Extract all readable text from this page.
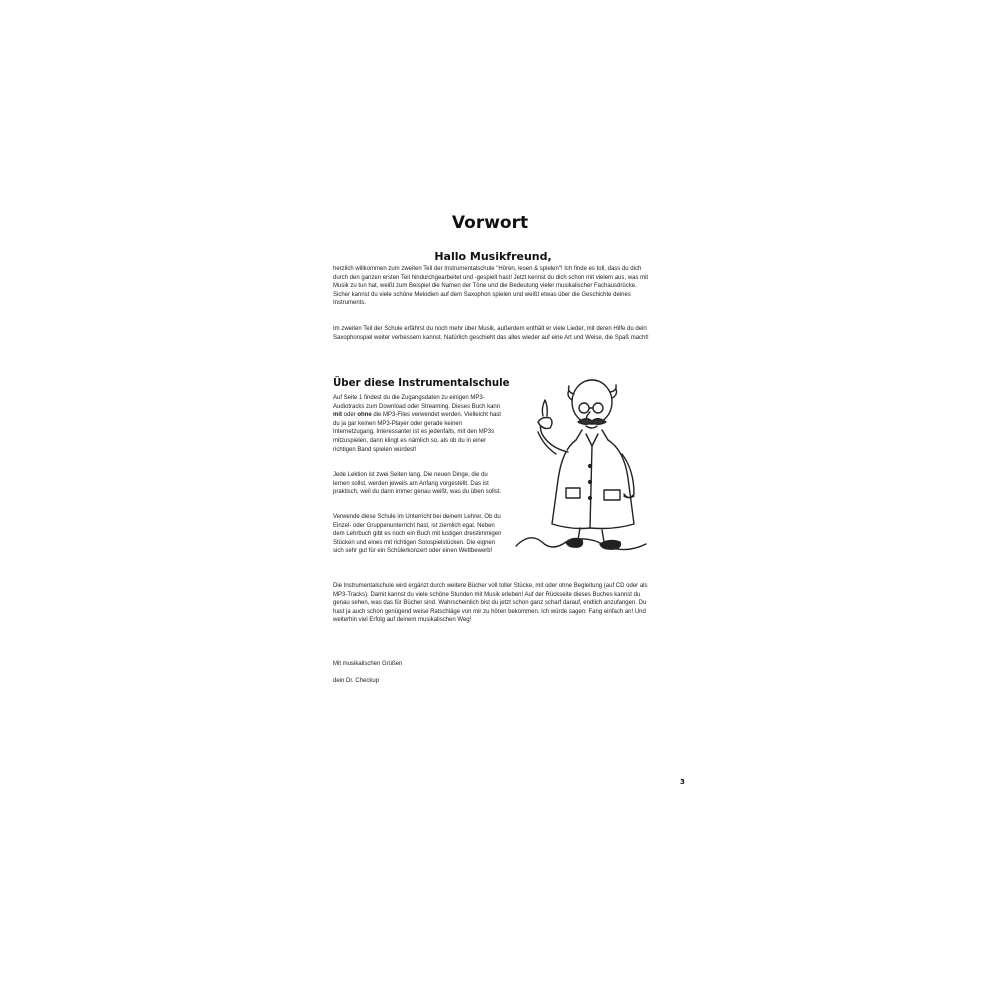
Vorwort
Hallo Musikfreund,
herzlich willkommen zum zweiten Teil der Instrumentalschule "Hören, lesen & spielen"! Ich finde es toll, dass du dich durch den ganzen ersten Teil hindurchgearbeitet und -gespielt hast! Jetzt kennst du dich schon mit vielem aus, was mit Musik zu tun hat, weißt zum Beispiel die Namen der Töne und die Bedeutung vieler musikalischer Fachausdrücke. Sicher kannst du viele schöne Melodien auf dem Saxophon spielen und weißt etwas über die Geschichte deines Instruments.
Im zweiten Teil der Schule erfährst du noch mehr über Musik, außerdem enthält er viele Lieder, mit deren Hilfe du dein Saxophonspiel weiter verbessern kannst. Natürlich geschieht das alles wieder auf eine Art und Weise, die Spaß macht!
Über diese Instrumentalschule
Auf Seite 1 findest du die Zugangsdaten zu einigen MP3-Audiotracks zum Download oder Streaming. Dieses Buch kann mit oder ohne die MP3-Files verwendet werden. Vielleicht hast du ja gar keinen MP3-Player oder gerade keinen Internetzugang. Interessanter ist es jedenfalls, mit den MP3s mitzuspielen, dann klingt es nämlich so, als ob du in einer richtigen Band spielen würdest!
Jede Lektion ist zwei Seiten lang. Die neuen Dinge, die du lernen sollst, werden jeweils am Anfang vorgestellt. Das ist praktisch, weil du dann immer genau weißt, was du üben sollst.
Verwende diese Schule im Unterricht bei deinem Lehrer. Ob du Einzel- oder Gruppenunterricht hast, ist ziemlich egal. Neben dem Lehrbuch gibt es noch ein Buch mit lustigen dreistimmigen Stücken und eines mit richtigen Solospielstücken. Die eignen sich sehr gut für ein Schülerkonzert oder einen Wettbewerb!
Die Instrumentalschule wird ergänzt durch weitere Bücher voll toller Stücke, mit oder ohne Begleitung (auf CD oder als MP3-Tracks). Damit kannst du viele schöne Stunden mit Musik erleben! Auf der Rückseite dieses Buches kannst du genau sehen, was das für Bücher sind. Wahrscheinlich bist du jetzt schon ganz scharf darauf, endlich anzufangen. Du hast ja auch schon genügend weise Ratschläge von mir zu hören bekommen. Ich würde sagen: Fang einfach an! Und weiterhin viel Erfolg auf deinem musikalischen Weg!
Mit musikalischen Grüßen
dein Dr. Checkup
3
